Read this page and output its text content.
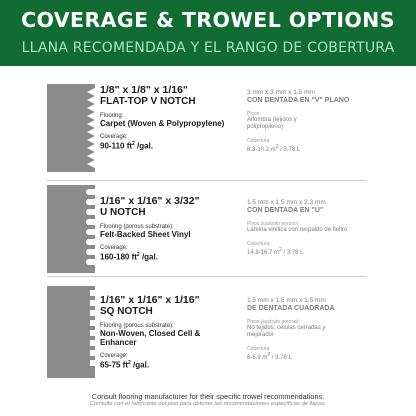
COVERAGE & TROWEL OPTIONS
LLANA RECOMENDADA Y EL RANGO DE COBERTURA
1/8" x 1/8" x 1/16"
FLAT-TOP V NOTCH
Flooring:
Carpet (Woven & Polypropylene)
Coverage:
90-110 $ft^2$ /gal.
3 mm x 3 mm x 1.5 mm
CON DENTADA EN "V" PLANO
Pisos:
Alfombra (tejidos y polipropileno)
Cobertura:
8.3-10.2 $m^2 / 3.78$ L
1/16" x 1/16" x 3/32"
U NOTCH
Flooring (porous substrate):
Felt-Backed Sheet Vinyl
Coverage:
160-180 $ft^2$ /gal.
1.5 mm x 1,5 mm x 2.3 mm
CON DENTADA EN "U"
Pisos (sustrato poroso):
Lámina vinílica con respaldo de fieltro
Cobertura:
14.8-16.7 $m^2 / 3.78$ L
1/16" x 1/16" x 1/16"
SQ NOTCH
Flooring (porous substrate):
Non-Woven, Closed Cell & Enhancer
Coverage:
65-75 $ft^2$ /gal.
1.5 mm x 1,5 mm x 1.5 mm
DE DENTADA CUADRADA
Pisos (sustrato poroso):
No tejidos, células cerradas y mejorador
Cobertura:
6-6.9 $m^2 / 3.78$ L
Consult flooring manufacturer for their specific trowel recommendations.
Consulte con el fabricante del piso para obtener las recomendaciones específicas de llanas.
